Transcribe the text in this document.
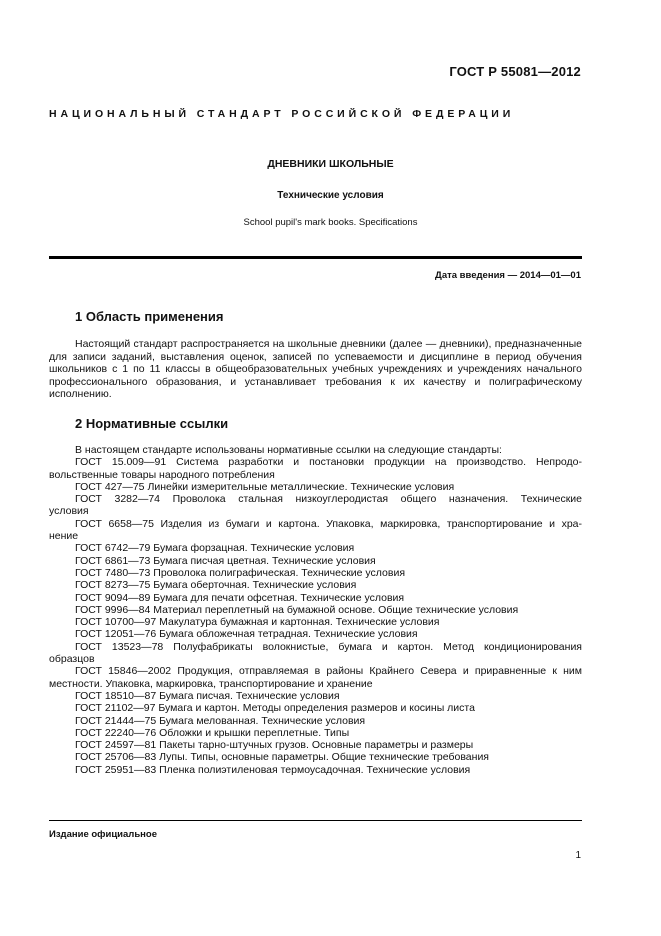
ГОСТ Р 55081—2012
НАЦИОНАЛЬНЫЙ СТАНДАРТ РОССИЙСКОЙ ФЕДЕРАЦИИ
ДНЕВНИКИ ШКОЛЬНЫЕ
Технические условия
School pupil's mark books. Specifications
Дата введения — 2014—01—01
1 Область применения
Настоящий стандарт распространяется на школьные дневники (далее — дневники), предназначенные для записи заданий, выставления оценок, записей по успеваемости и дисциплине в период обучения школьников с 1 по 11 классы в общеобразовательных учебных учреждениях и учреждениях начального профессионального образования, и устанавливает требования к их качеству и полиграфическому исполнению.
2 Нормативные ссылки
В настоящем стандарте использованы нормативные ссылки на следующие стандарты:
ГОСТ 15.009—91 Система разработки и постановки продукции на производство. Непродо-
вольственные товары народного потребления
ГОСТ 427—75 Линейки измерительные металлические. Технические условия
ГОСТ 3282—74 Проволока стальная низкоуглеродистая общего назначения. Технические
условия
ГОСТ 6658—75 Изделия из бумаги и картона. Упаковка, маркировка, транспортирование и хра-
нение
ГОСТ 6742—79 Бумага форзацная. Технические условия
ГОСТ 6861—73 Бумага писчая цветная. Технические условия
ГОСТ 7480—73 Проволока полиграфическая. Технические условия
ГОСТ 8273—75 Бумага оберточная. Технические условия
ГОСТ 9094—89 Бумага для печати офсетная. Технические условия
ГОСТ 9996—84 Материал переплетный на бумажной основе. Общие технические условия
ГОСТ 10700—97 Макулатура бумажная и картонная. Технические условия
ГОСТ 12051—76 Бумага обложечная тетрадная. Технические условия
ГОСТ 13523—78 Полуфабрикаты волокнистые, бумага и картон. Метод кондиционирования
образцов
ГОСТ 15846—2002 Продукция, отправляемая в районы Крайнего Севера и приравненные к ним
местности. Упаковка, маркировка, транспортирование и хранение
ГОСТ 18510—87 Бумага писчая. Технические условия
ГОСТ 21102—97 Бумага и картон. Методы определения размеров и косины листа
ГОСТ 21444—75 Бумага мелованная. Технические условия
ГОСТ 22240—76 Обложки и крышки переплетные. Типы
ГОСТ 24597—81 Пакеты тарно-штучных грузов. Основные параметры и размеры
ГОСТ 25706—83 Лупы. Типы, основные параметры. Общие технические требования
ГОСТ 25951—83 Пленка полиэтиленовая термоусадочная. Технические условия
Издание официальное
1
